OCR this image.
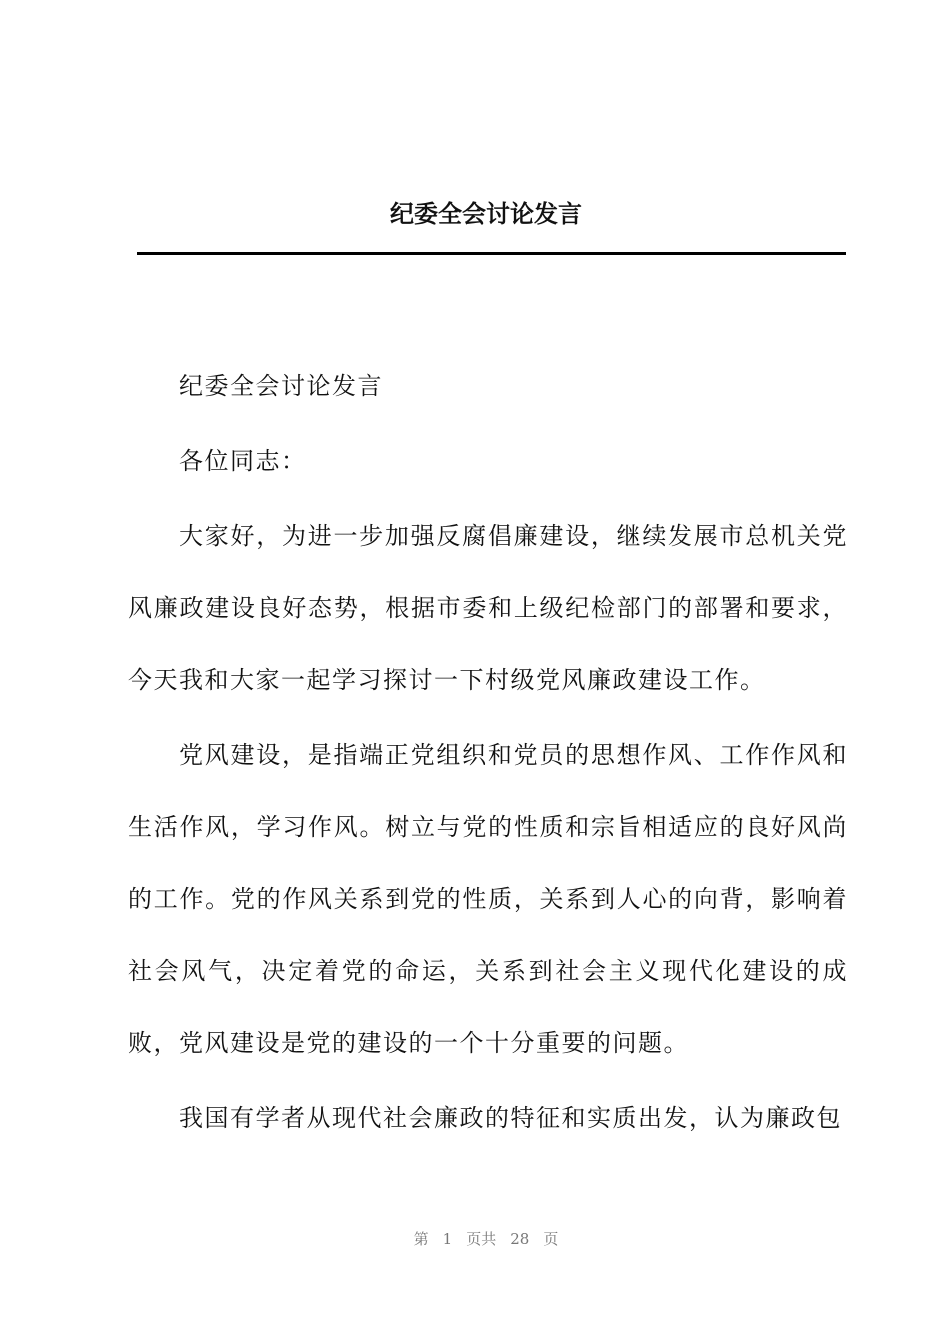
纪委全会讨论发言

纪委全会讨论发言

各位同志：

大家好，为进一步加强反腐倡廉建设，继续发展市总机关党风廉政建设良好态势，根据市委和上级纪检部门的部署和要求，今天我和大家一起学习探讨一下村级党风廉政建设工作。

党风建设，是指端正党组织和党员的思想作风、工作作风和生活作风，学习作风。树立与党的性质和宗旨相适应的良好风尚的工作。党的作风关系到党的性质，关系到人心的向背，影响着社会风气，决定着党的命运，关系到社会主义现代化建设的成败，党风建设是党的建设的一个十分重要的问题。

我国有学者从现代社会廉政的特征和实质出发，认为廉政包

第 1 页共 28 页
